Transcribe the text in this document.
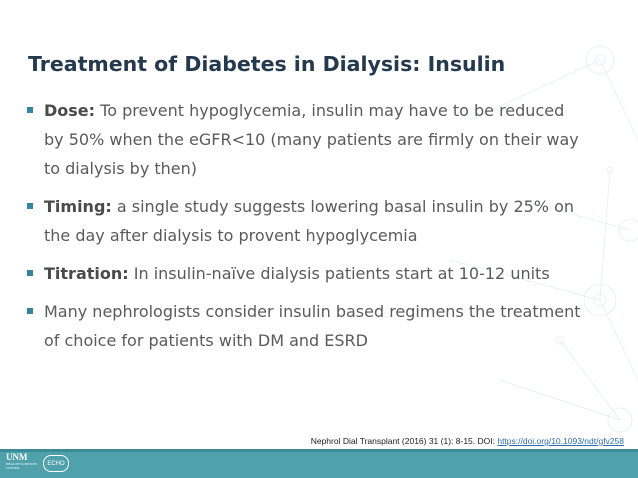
Treatment of Diabetes in Dialysis: Insulin
Dose: To prevent hypoglycemia, insulin may have to be reduced by 50% when the eGFR<10 (many patients are firmly on their way to dialysis by then)
Timing: a single study suggests lowering basal insulin by 25% on the day after dialysis to provent hypoglycemia
Titration: In insulin-naïve dialysis patients start at 10-12 units
Many nephrologists consider insulin based regimens the treatment of choice for patients with DM and ESRD
Nephrol Dial Transplant (2016) 31 (1): 8-15. DOI: https://doi.org/10.1093/ndt/gfv258
UNM
HEALTH SCIENCES CENTER
ECHO
